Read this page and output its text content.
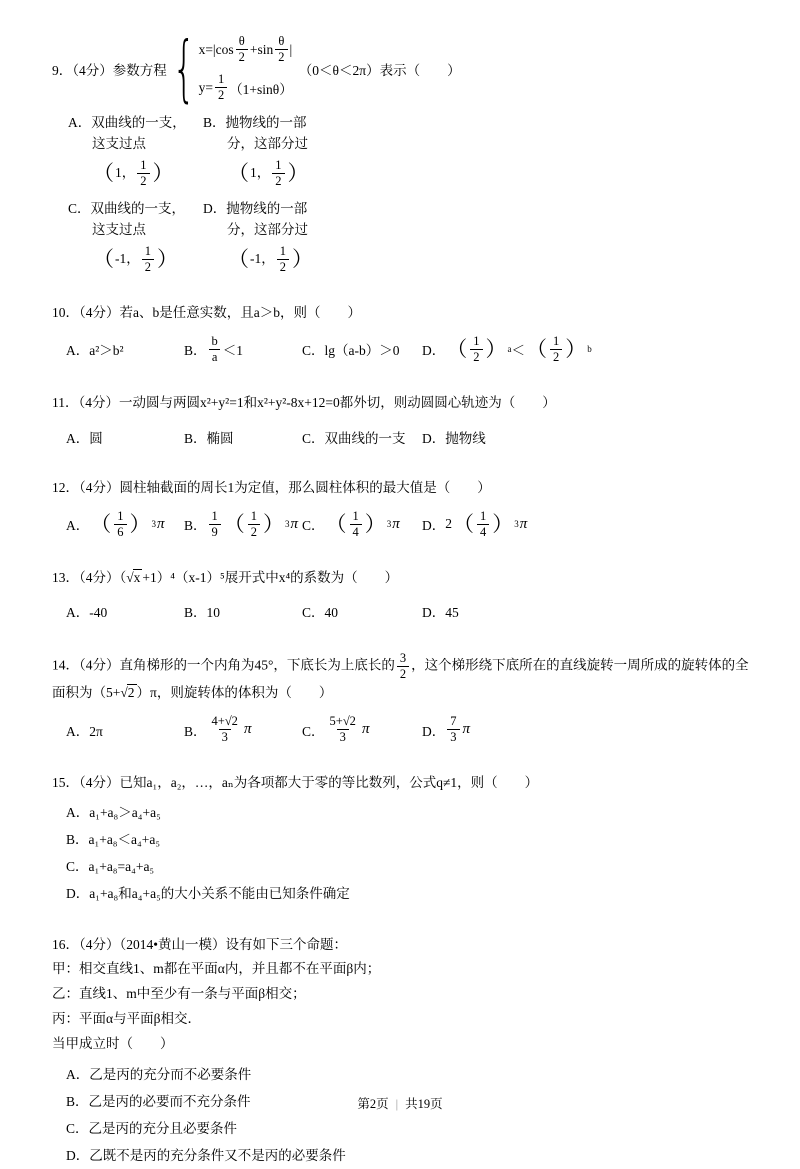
9．（4分）参数方程 { $x=|\cos \frac{\theta}{2} +\sin \frac{\theta}{2}$ |
$y= \frac{1}{2} (1+\sin\theta)$
（0＜θ＜2π）表示（　　）
A．双曲线的一支，
这支过点
（ 1， $\frac{1}{2}$ ）
B．抛物线的一部
分，这部分过
（ 1， $\frac{1}{2}$ ）
C．双曲线的一支，
这支过点
（ -1， $\frac{1}{2}$ ）
D．抛物线的一部
分，这部分过
（ -1， $\frac{1}{2}$ ）
10．（4分）若a、b是任意实数，且a＞b，则（　　）
A．a²＞b²	B． $\frac{b}{a} <1$	C．lg（a-b）＞0 D． （ $\frac{1}{2}$ ） a ＜ （ $\frac{1}{2}$ ） b
11．（4分）一动圆与两圆x²+y²=1和x²+y²-8x+12=0都外切，则动圆圆心轨迹为（　　）
A．圆	B．椭圆	C．双曲线的一支 D．抛物线
12．（4分）圆柱轴截面的周长1为定值，那么圆柱体积的最大值是（　　）
A． （ $\frac{1}{6}$ ） 3 π B． $\frac{1}{9}$ （ $\frac{1}{2}$ ） 3 π C． （ $\frac{1}{4}$ ） 3 π D． 2 （ $\frac{1}{4}$ ） 3 π
13．（4分）（√x +1）⁴（x-1）⁵展开式中x⁴的系数为（　　）
A．-40	B．10	C．40	D．45
14．（4分）直角梯形的一个内角为45°，下底长为上底长的 $\frac{3}{2}$ ，这个梯形绕下底所在的直线旋转一周所成的旋转体的全面积为（5+√2 ）π，则旋转体的体积为（　　）
A．2π	B． $\frac{4+√2}{3}$ π	C． $\frac{5+√2}{3}$ π	D． $\frac{7}{3}$ π
15．（4分）已知a₁，a₂，…，aₙ为各项都大于零的等比数列，公式q≠1，则（　　）
A．a₁+a₈＞a₄+a₅
B．a₁+a₈＜a₄+a₅
C．a₁+a₈=a₄+a₅
D．a₁+a₈和a₄+a₅的大小关系不能由已知条件确定
16．（4分）（2014•黄山一模）设有如下三个命题：
甲：相交直线1、m都在平面α内，并且都不在平面β内；
乙：直线1、m中至少有一条与平面β相交；
丙：平面α与平面β相交．
当甲成立时（　　）
A．乙是丙的充分而不必要条件
B．乙是丙的必要而不充分条件
C．乙是丙的充分且必要条件
D．乙既不是丙的充分条件又不是丙的必要条件
第2页 | 共19页
